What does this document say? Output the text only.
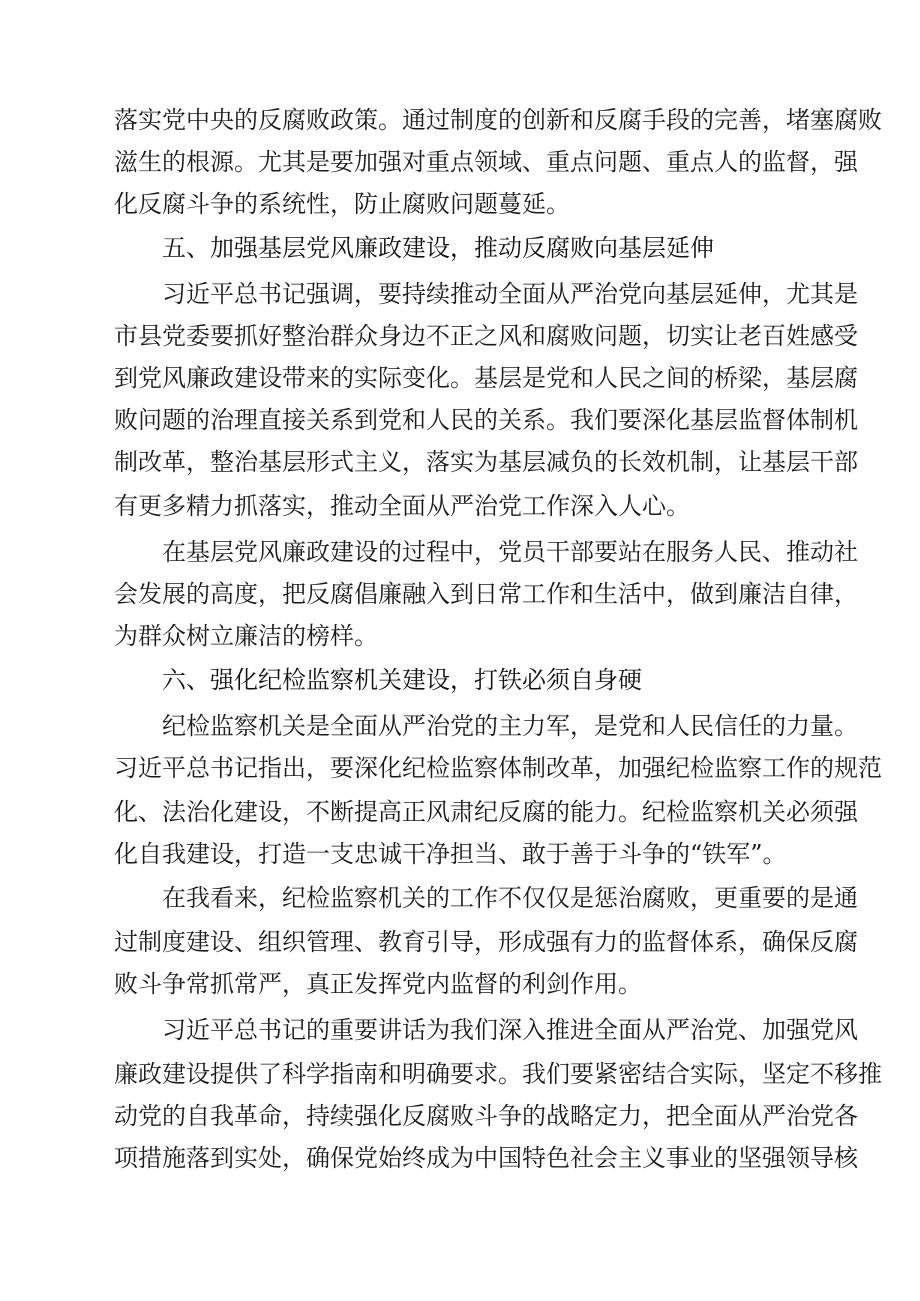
落实党中央的反腐败政策。通过制度的创新和反腐手段的完善，堵塞腐败
滋生的根源。尤其是要加强对重点领域、重点问题、重点人的监督，强
化反腐斗争的系统性，防止腐败问题蔓延。
五、加强基层党风廉政建设，推动反腐败向基层延伸
习近平总书记强调，要持续推动全面从严治党向基层延伸，尤其是
市县党委要抓好整治群众身边不正之风和腐败问题，切实让老百姓感受
到党风廉政建设带来的实际变化。基层是党和人民之间的桥梁，基层腐
败问题的治理直接关系到党和人民的关系。我们要深化基层监督体制机
制改革，整治基层形式主义，落实为基层减负的长效机制，让基层干部
有更多精力抓落实，推动全面从严治党工作深入人心。
在基层党风廉政建设的过程中，党员干部要站在服务人民、推动社
会发展的高度，把反腐倡廉融入到日常工作和生活中，做到廉洁自律，
为群众树立廉洁的榜样。
六、强化纪检监察机关建设，打铁必须自身硬
纪检监察机关是全面从严治党的主力军，是党和人民信任的力量。
习近平总书记指出，要深化纪检监察体制改革，加强纪检监察工作的规范
化、法治化建设，不断提高正风肃纪反腐的能力。纪检监察机关必须强
化自我建设，打造一支忠诚干净担当、敢于善于斗争的“铁军”。
在我看来，纪检监察机关的工作不仅仅是惩治腐败，更重要的是通
过制度建设、组织管理、教育引导，形成强有力的监督体系，确保反腐
败斗争常抓常严，真正发挥党内监督的利剑作用。
习近平总书记的重要讲话为我们深入推进全面从严治党、加强党风
廉政建设提供了科学指南和明确要求。我们要紧密结合实际，坚定不移推
动党的自我革命，持续强化反腐败斗争的战略定力，把全面从严治党各
项措施落到实处，确保党始终成为中国特色社会主义事业的坚强领导核
